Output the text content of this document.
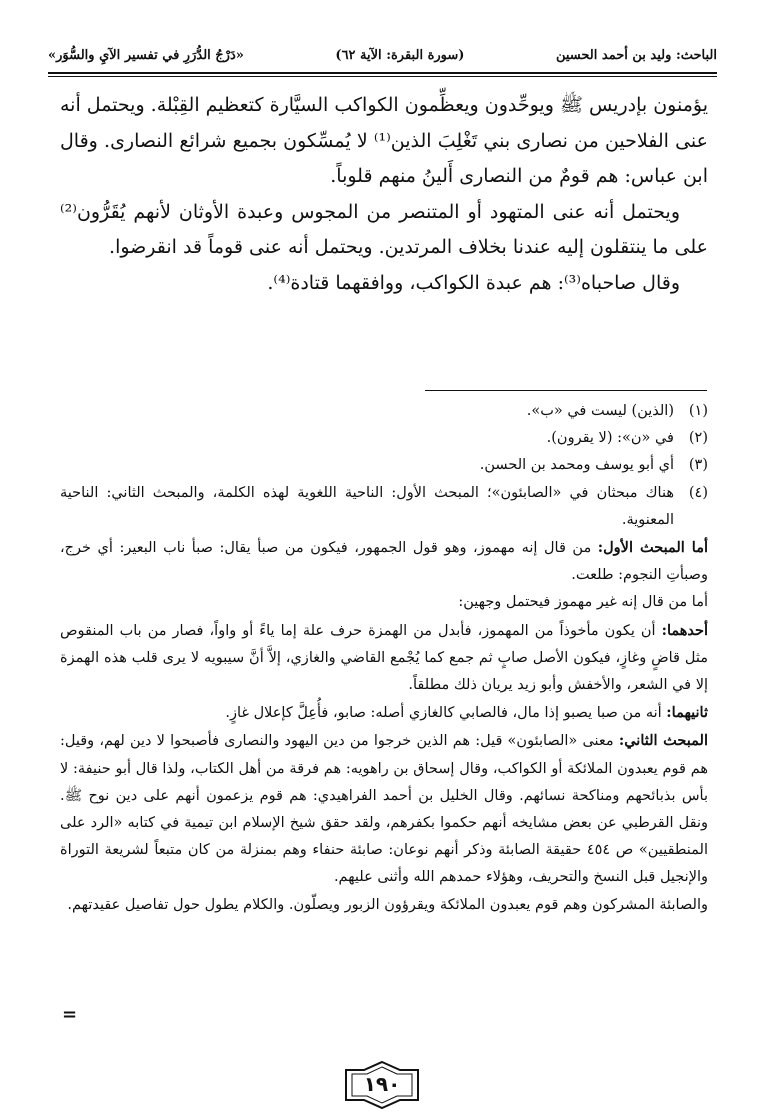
الباحث: وليد بن أحمد الحسين
(سورة البقرة: الآية ٦٢)
«دَرْجُ الدُّرَرِ في تفسير الآيِ والسُّوَر»

يؤمنون بإدريس ﷺ ويوحِّدون ويعظِّمون الكواكب السيَّارة كتعظيم القِبْلة. ويحتمل أنه عنى الفلاحين من نصارى بني تَغْلِبَ الذين⁽¹⁾ لا يُمسِّكون بجميع شرائع النصارى. وقال ابن عباس: هم قومٌ من النصارى أَلينُ منهم قلوباً.

ويحتمل أنه عنى المتهود أو المتنصر من المجوس وعبدة الأوثان لأنهم يُقَرُّون⁽²⁾ على ما ينتقلون إليه عندنا بخلاف المرتدين. ويحتمل أنه عنى قوماً قد انقرضوا.

وقال صاحباه⁽³⁾: هم عبدة الكواكب، ووافقهما قتادة⁽⁴⁾.

(١)
(الذين) ليست في «ب».
(٢)
في «ن»: (لا يقرون).
(٣)
أي أبو يوسف ومحمد بن الحسن.
(٤)
هناك مبحثان في «الصابئون»؛ المبحث الأول: الناحية اللغوية لهذه الكلمة، والمبحث الثاني: الناحية المعنوية.

أما المبحث الأول: من قال إنه مهموز، وهو قول الجمهور، فيكون من صبأ يقال: صبأ ناب البعير: أي خرج، وصبأتِ النجوم: طلعت.

أما من قال إنه غير مهموز فيحتمل وجهين:

أحدهما: أن يكون مأخوذاً من المهموز، فأبدل من الهمزة حرف علة إما ياءً أو واواً، فصار من باب المنقوص مثل قاضٍ وغازٍ، فيكون الأصل صابٍ ثم جمع كما يُجْمع القاضي والغازي، إلاَّ أنَّ سيبويه لا يرى قلب هذه الهمزة إلا في الشعر، والأخفش وأبو زيد يريان ذلك مطلقاً.

ثانيهما: أنه من صبا يصبو إذا مال، فالصابي كالغازي أصله: صابو، فأُعِلَّ كإعلال غازٍ.

المبحث الثاني: معنى «الصابئون» قيل: هم الذين خرجوا من دين اليهود والنصارى فأصبحوا لا دين لهم، وقيل: هم قوم يعبدون الملائكة أو الكواكب، وقال إسحاق بن راهويه: هم فرقة من أهل الكتاب، ولذا قال أبو حنيفة: لا بأس بذبائحهم ومناكحة نسائهم. وقال الخليل بن أحمد الفراهيدي: هم قوم يزعمون أنهم على دين نوح ﷺ. ونقل القرطبي عن بعض مشايخه أنهم حكموا بكفرهم، ولقد حقق شيخ الإسلام ابن تيمية في كتابه «الرد على المنطقيين» ص ٤٥٤ حقيقة الصابئة وذكر أنهم نوعان: صابئة حنفاء وهم بمنزلة من كان متبعاً لشريعة التوراة والإنجيل قبل النسخ والتحريف، وهؤلاء حمدهم الله وأثنى عليهم.

والصابئة المشركون وهم قوم يعبدون الملائكة ويقرؤون الزبور ويصلّون. والكلام يطول حول تفاصيل عقيدتهم.

=
١٩٠
